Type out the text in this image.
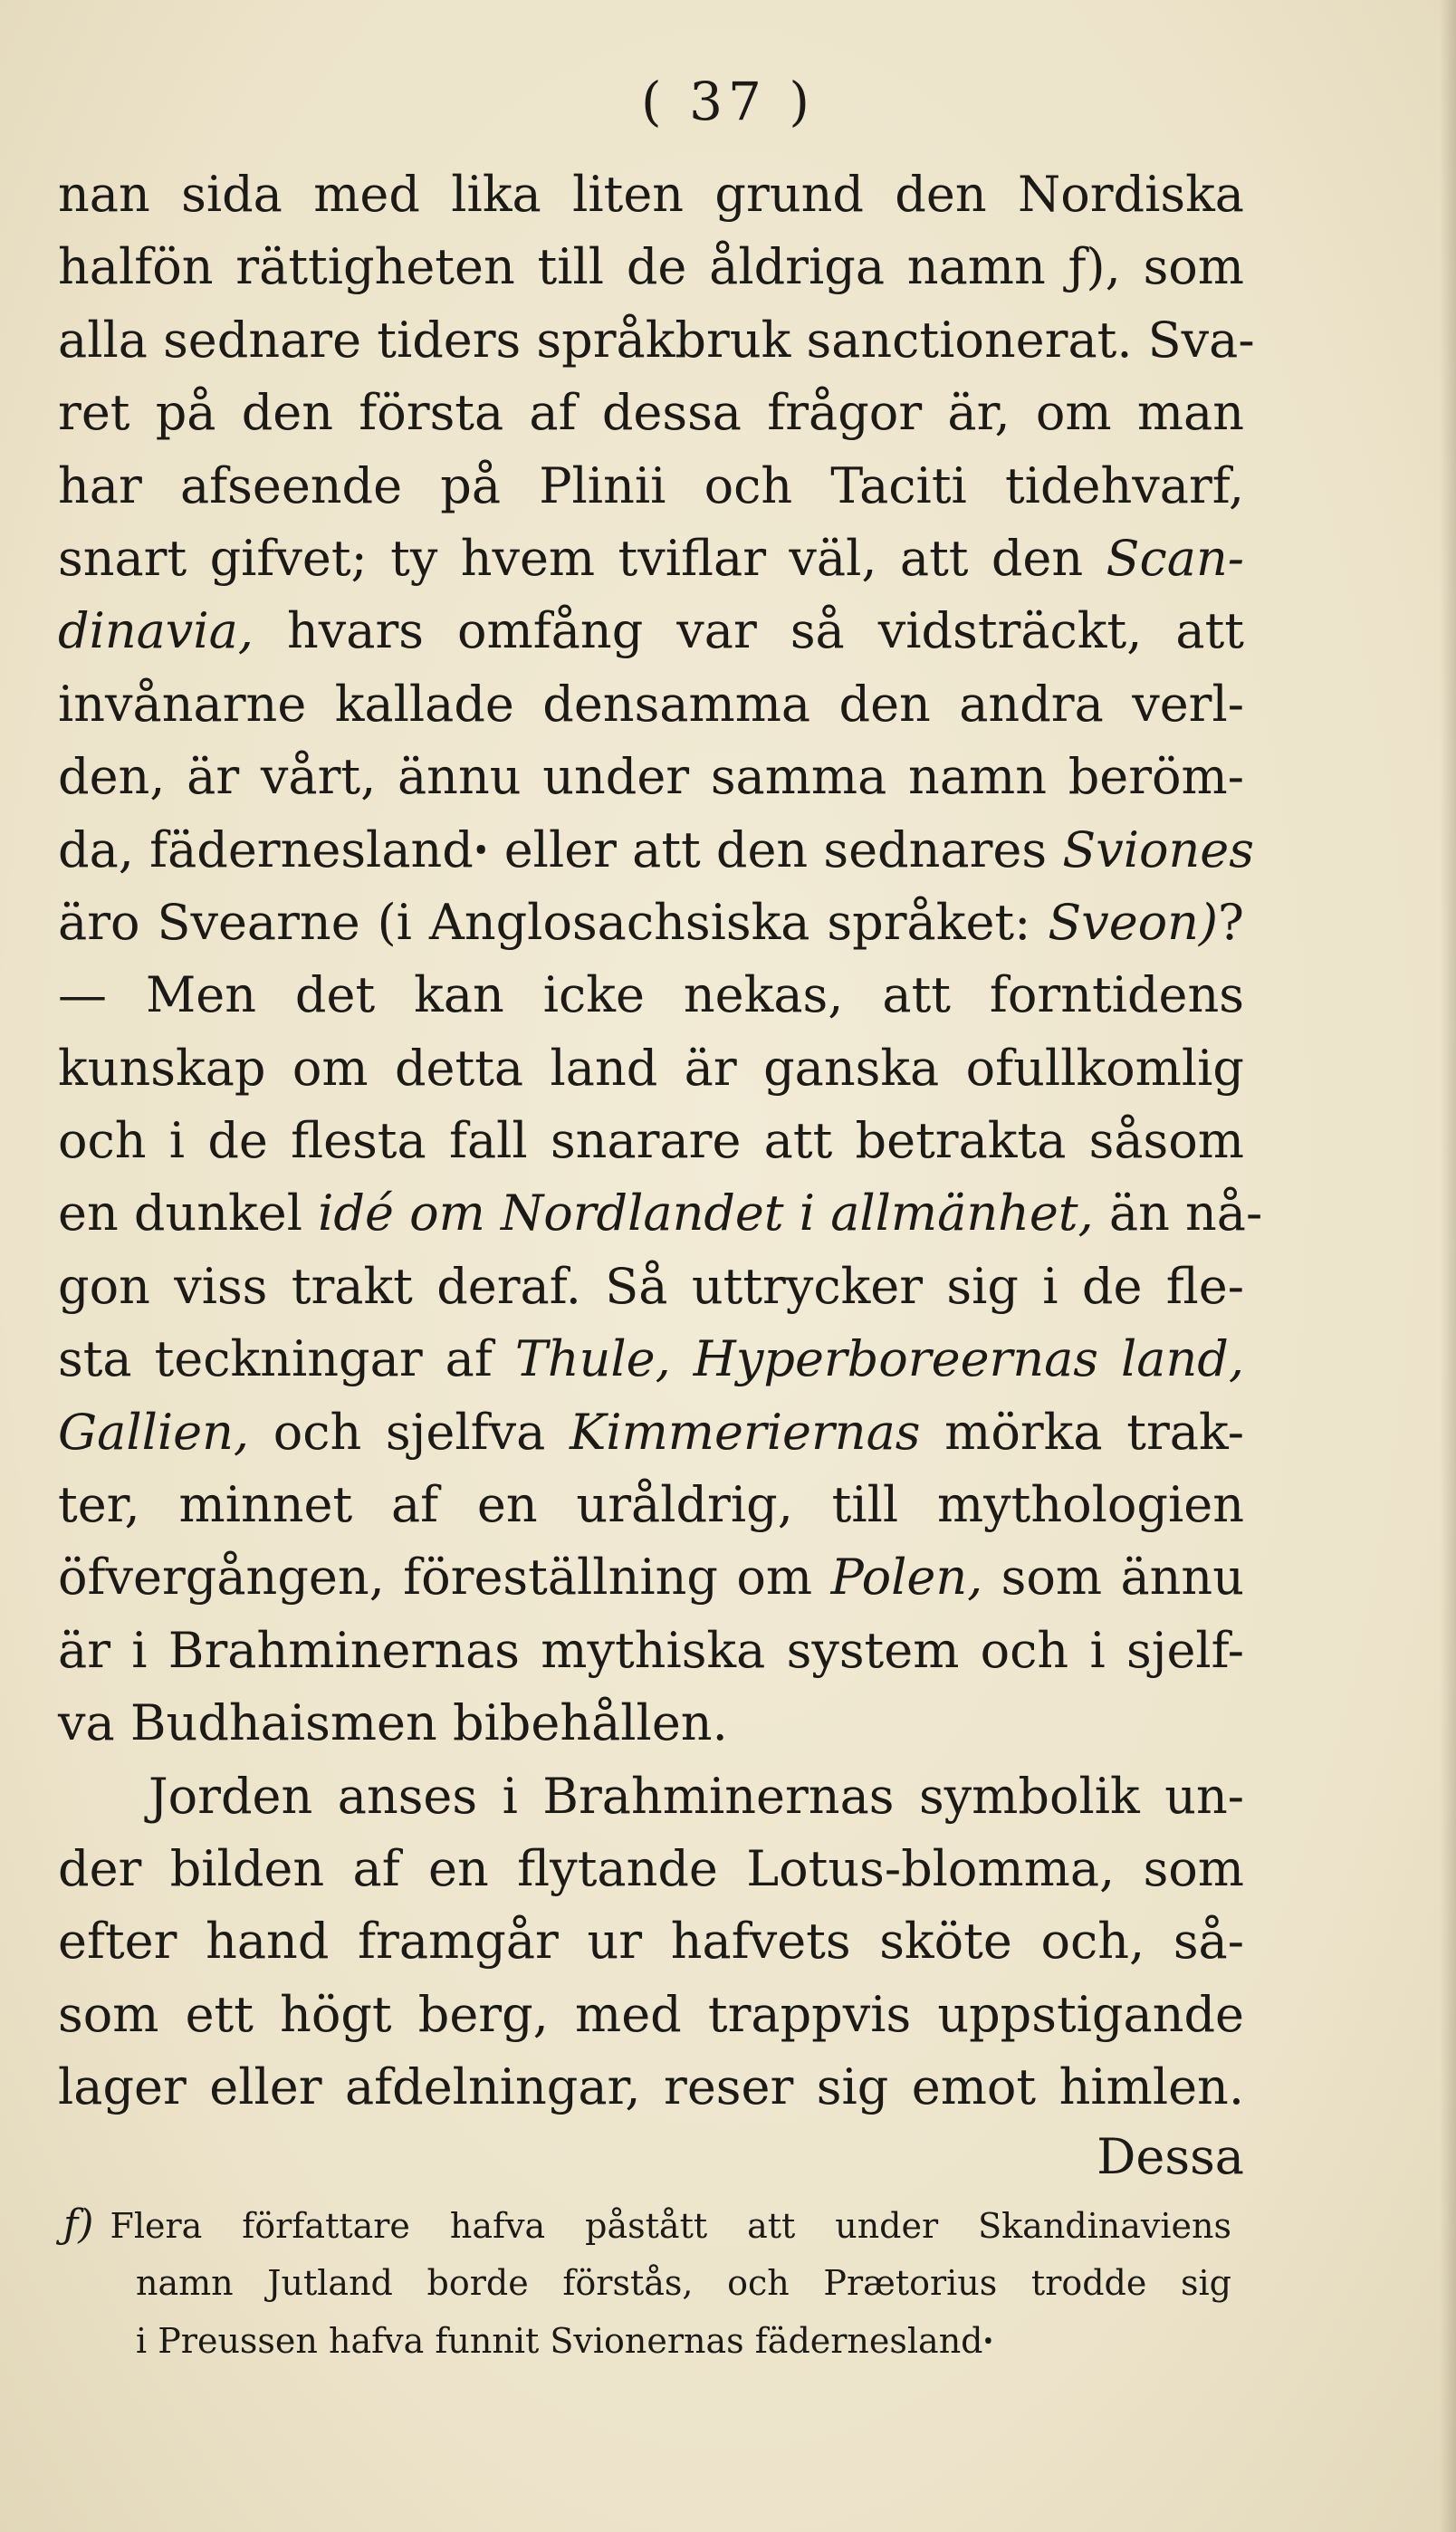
( 37 )
nan sida med lika liten grund den Nordiska
halfön rättigheten till de åldriga namn ƒ), som
alla sednare tiders språkbruk sanctionerat. Sva-
ret på den första af dessa frågor är, om man
har afseende på Plinii och Taciti tidehvarf,
snart gifvet; ty hvem tviflar väl, att den Scan-
dinavia, hvars omfång var så vidsträckt, att
invånarne kallade densamma den andra verl-
den, är vårt, ännu under samma namn beröm-
da, fäderneslandꞏ eller att den sednares Sviones
äro Svearne (i Anglosachsiska språket: Sveon)?
— Men det kan icke nekas, att forntidens
kunskap om detta land är ganska ofullkomlig
och i de flesta fall snarare att betrakta såsom
en dunkel idé om Nordlandet i allmänhet, än nå-
gon viss trakt deraf. Så uttrycker sig i de fle-
sta teckningar af Thule, Hyperboreernas land,
Gallien, och sjelfva Kimmeriernas mörka trak-
ter, minnet af en uråldrig, till mythologien
öfvergången, föreställning om Polen, som ännu
är i Brahminernas mythiska system och i sjelf-
va Budhaismen bibehållen.
Jorden anses i Brahminernas symbolik un-
der bilden af en flytande Lotus-blomma, som
efter hand framgår ur hafvets sköte och, så-
som ett högt berg, med trappvis uppstigande
lager eller afdelningar, reser sig emot himlen.
Dessa
ƒ) Flera författare hafva påstått att under Skandinaviens
namn Jutland borde förstås, och Prætorius trodde sig
i Preussen hafva funnit Svionernas fäderneslandꞏ
